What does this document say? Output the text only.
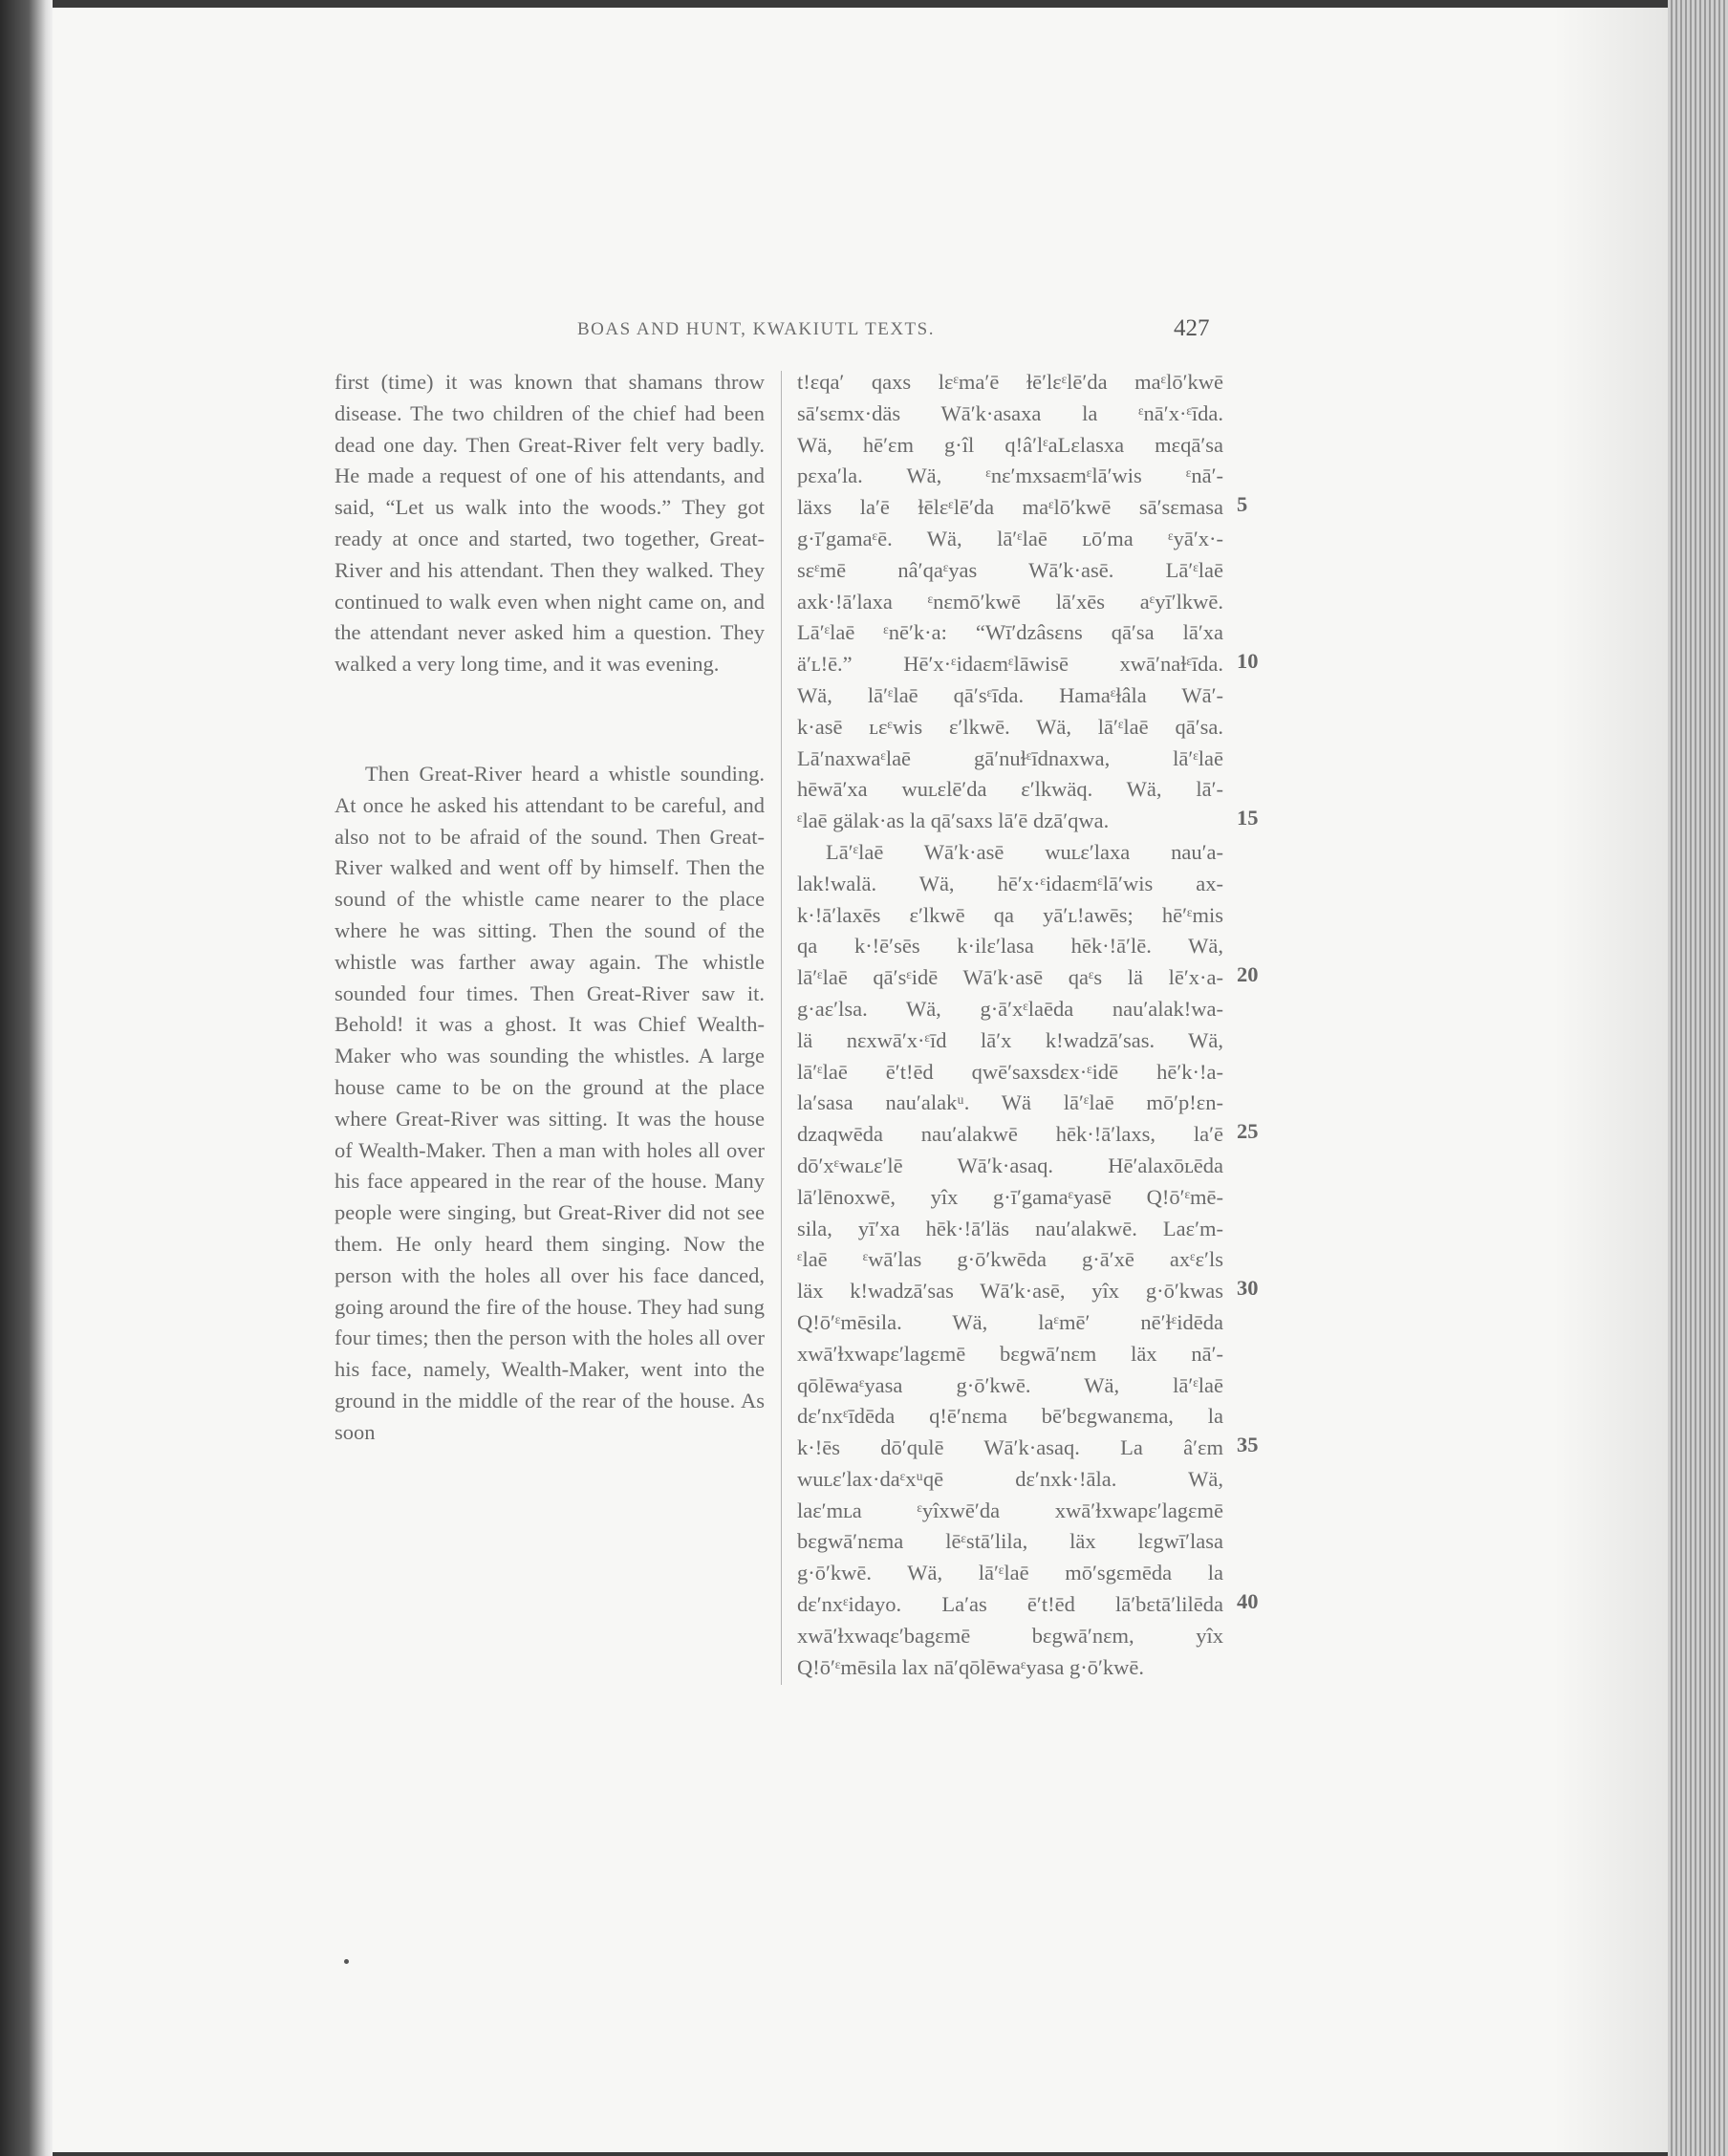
BOAS AND HUNT, KWAKIUTL TEXTS.	427

first (time) it was known that shamans throw disease. The two children of the chief had been dead one day. Then Great-River felt very badly. He made a request of one of his attendants, and said, “Let us walk into the woods.” They got ready at once and started, two together, Great-River and his attendant. Then they walked. They continued to walk even when night came on, and the attendant never asked him a question. They walked a very long time, and it was evening.

Then Great-River heard a whistle sounding. At once he asked his attendant to be careful, and also not to be afraid of the sound. Then Great-River walked and went off by himself. Then the sound of the whistle came nearer to the place where he was sitting. Then the sound of the whistle was farther away again. The whistle sounded four times. Then Great-River saw it. Behold! it was a ghost. It was Chief Wealth-Maker who was sounding the whistles. A large house came to be on the ground at the place where Great-River was sitting. It was the house of Wealth-Maker. Then a man with holes all over his face appeared in the rear of the house. Many people were singing, but Great-River did not see them. He only heard them singing. Now the person with the holes all over his face danced, going around the fire of the house. They had sung four times; then the person with the holes all over his face, namely, Wealth-Maker, went into the ground in the middle of the rear of the house. As soon

t!ɛqa′ qaxs lɛᵋma′ē ɫē′lɛᵋlē′da maᵋlō′kwē
sā′sɛmx·däs Wā′k·asaxa la ᵋnā′x·ᵋīda.
Wä, hē′ɛm g·îl q!â′lᵋaLɛlasxa mɛqā′sa
pɛxa′la. Wä, ᵋnɛ′mxsaɛmᵋlā′wis ᵋnā′-
läxs la′ē ɫēlɛᵋlē′da maᵋlō′kwē sā′sɛmasa
g·ī′gamaᵋē. Wä, lā′ᵋlaē ʟō′ma ᵋyā′x·-
sɛᵋmē nâ′qaᵋyas Wā′k·asē. Lā′ᵋlaē
axk·!ā′laxa ᵋnɛmō′kwē lā′xēs aᵋyī′lkwē.
Lā′ᵋlaē ᵋnē′k·a: “Wī′dzâsɛns qā′sa lā′xa
ä′ʟ!ē.” Hē′x·ᵋidaɛmᵋlāwisē xwā′naɫᵋīda.
Wä, lā′ᵋlaē qā′sᵋīda. Hamaᵋɫâla Wā′-
k·asē ʟɛᵋwis ɛ′lkwē. Wä, lā′ᵋlaē qā′sa.
Lā′naxwaᵋlaē gā′nuɫᵋīdnaxwa, lā′ᵋlaē
hēwā′xa wuʟɛlē′da ɛ′lkwäq. Wä, lā′-
ᵋlaē gälak·as la qā′saxs lā′ē dzā′qwa.
Lā′ᵋlaē Wā′k·asē wuʟɛ′laxa nau′a-
lak!walä. Wä, hē′x·ᵋidaɛmᵋlā′wis ax-
k·!ā′laxēs ɛ′lkwē qa yā′ʟ!awēs; hē′ᵋmis
qa k·!ē′sēs k·ilɛ′lasa hēk·!ā′lē. Wä,
lā′ᵋlaē qā′sᵋidē Wā′k·asē qaᵋs lä lē′x·a-
g·aɛ′lsa. Wä, g·ā′xᵋlaēda nau′alak!wa-
lä nɛxwā′x·ᵋīd lā′x k!wadzā′sas. Wä,
lā′ᵋlaē ē′t!ēd qwē′saxsdɛx·ᵋidē hē′k·!a-
la′sasa nau′alakᵘ. Wä lā′ᵋlaē mō′p!ɛn-
dzaqwēda nau′alakwē hēk·!ā′laxs, la′ē
dō′xᵋwaʟɛ′lē Wā′k·asaq. Hē′alaxōʟēda
lā′lēnoxwē, yîx g·ī′gamaᵋyasē Q!ō′ᵋmē-
sila, yī′xa hēk·!ā′läs nau′alakwē. Laɛ′m-
ᵋlaē ᵋwā′las g·ō′kwēda g·ā′xē axᵋɛ′ls
läx k!wadzā′sas Wā′k·asē, yîx g·ō′kwas
Q!ō′ᵋmēsila. Wä, laᵋmē′ nē′ɫᵋidēda
xwā′ɫxwapɛ′lagɛmē bɛgwā′nɛm läx nā′-
qōlēwaᵋyasa g·ō′kwē. Wä, lā′ᵋlaē
dɛ′nxᵋīdēda q!ē′nɛma bē′bɛgwanɛma, la
k·!ēs dō′qulē Wā′k·asaq. La â′ɛm
wuʟɛ′lax·daᵋxᵘqē dɛ′nxk·!āla. Wä,
laɛ′mʟa ᵋyîxwē′da xwā′ɫxwapɛ′lagɛmē
bɛgwā′nɛma lēᵋstā′lila, läx lɛgwī′lasa
g·ō′kwē. Wä, lā′ᵋlaē mō′sgɛmēda la
dɛ′nxᵋidayo. La′as ē′t!ēd lā′bɛtā′lilēda
xwā′ɫxwaqɛ′bagɛmē bɛgwā′nɛm, yîx
Q!ō′ᵋmēsila lax nā′qōlēwaᵋyasa g·ō′kwē.
5
10
15
20
25
30
35
40
